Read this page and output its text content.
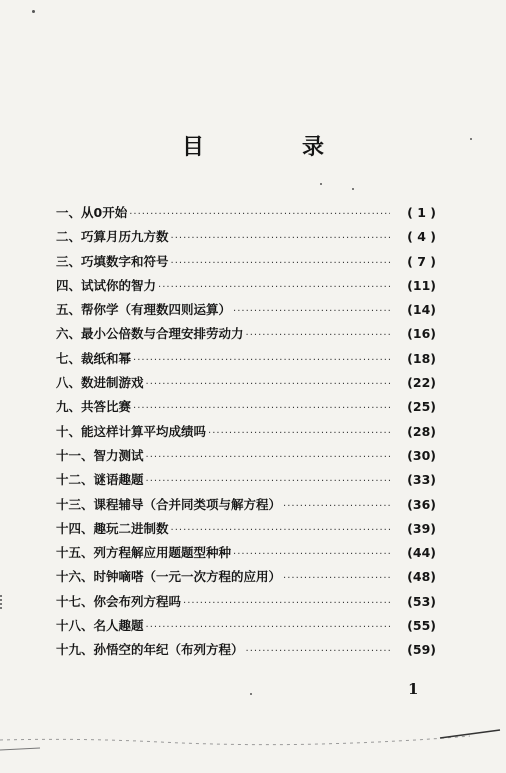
目　录
一、 从0开始 ·····	( 1 )
二、 巧算月历九方数 ·····	( 4 )
三、 巧填数字和符号 ·····	( 7 )
四、 试试你的智力 ·····	(11)
五、 帮你学（有理数四则运算） ·····	(14)
六、 最小公倍数与合理安排劳动力 ·····	(16)
七、 裁纸和幂 ·····	(18)
八、 数进制游戏 ·····	(22)
九、 共答比赛 ·····	(25)
十、 能这样计算平均成绩吗 ·····	(28)
十一、 智力测试 ·····	(30)
十二、 谜语趣题 ·····	(33)
十三、 课程辅导（合并同类项与解方程） ·····	(36)
十四、 趣玩二进制数 ·····	(39)
十五、 列方程解应用题题型种种 ·····	(44)
十六、 时钟嘀嗒（一元一次方程的应用） ·····	(48)
十七、 你会布列方程吗 ·····	(53)
十八、 名人趣题 ·····	(55)
十九、 孙悟空的年纪（布列方程） ·····	(59)
1
